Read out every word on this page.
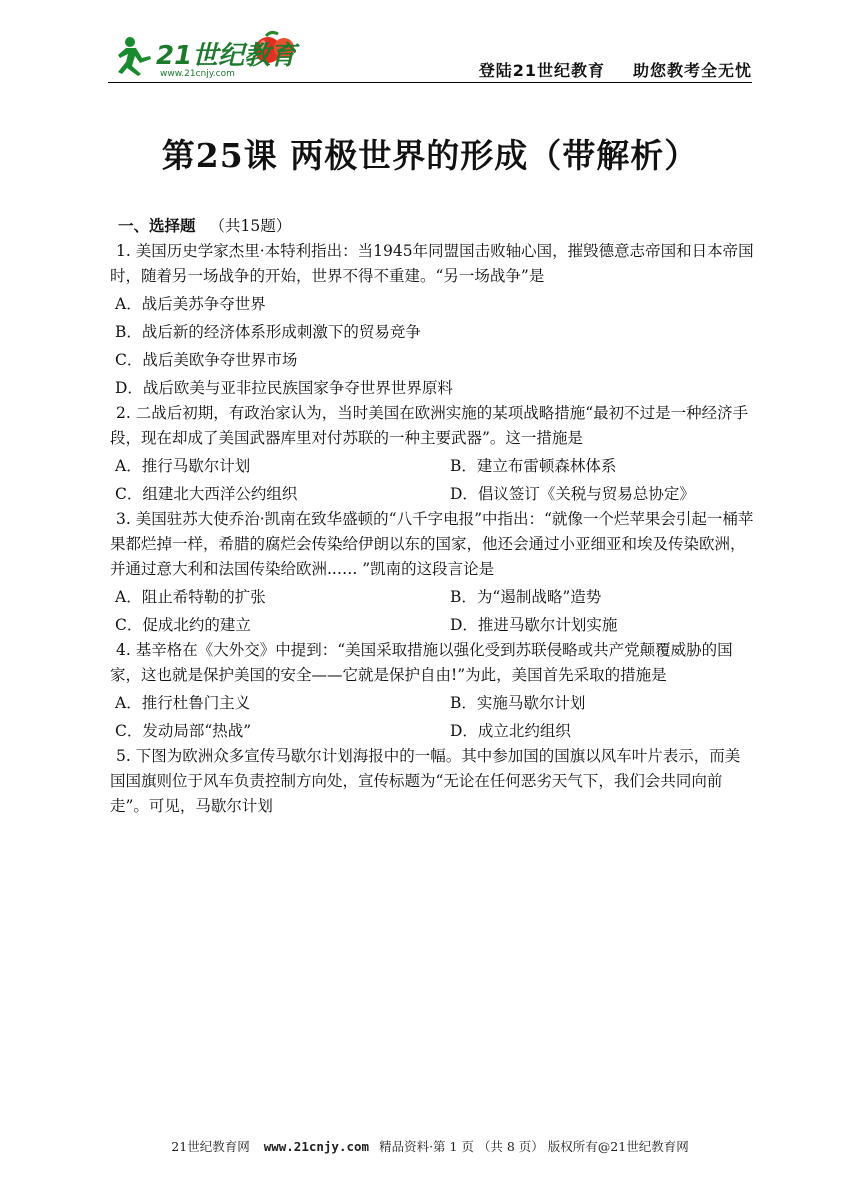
21世纪教育
www.21cnjy.com	登陆21世纪教育 助您教考全无忧
第25课 两极世界的形成（带解析）
一、选择题 （共15题）
1. 美国历史学家杰里·本特利指出：当1945年同盟国击败轴心国，摧毁德意志帝国和日本帝国时，随着另一场战争的开始，世界不得不重建。“另一场战争”是
A．战后美苏争夺世界
B．战后新的经济体系形成刺激下的贸易竞争
C．战后美欧争夺世界市场
D．战后欧美与亚非拉民族国家争夺世界世界原料
2. 二战后初期，有政治家认为，当时美国在欧洲实施的某项战略措施“最初不过是一种经济手段，现在却成了美国武器库里对付苏联的一种主要武器”。这一措施是
A．推行马歇尔计划	B．建立布雷顿森林体系
C．组建北大西洋公约组织	D．倡议签订《关税与贸易总协定》
3. 美国驻苏大使乔治·凯南在致华盛顿的“八千字电报”中指出：“就像一个烂苹果会引起一桶苹果都烂掉一样，希腊的腐烂会传染给伊朗以东的国家，他还会通过小亚细亚和埃及传染欧洲，并通过意大利和法国传染给欧洲..…. ”凯南的这段言论是
A．阻止希特勒的扩张	B．为“遏制战略”造势
C．促成北约的建立	D．推进马歇尔计划实施
4. 基辛格在《大外交》中提到：“美国采取措施以强化受到苏联侵略或共产党颠覆威胁的国家，这也就是保护美国的安全——它就是保护自由!”为此，美国首先采取的措施是
A．推行杜鲁门主义	B．实施马歇尔计划
C．发动局部“热战”	D．成立北约组织
5. 下图为欧洲众多宣传马歇尔计划海报中的一幅。其中参加国的国旗以风车叶片表示，而美国国旗则位于风车负责控制方向处，宣传标题为“无论在任何恶劣天气下，我们会共同向前走”。可见，马歇尔计划
21世纪教育网 www.21cnjy.com 精品资料·第 1 页 （共 8 页） 版权所有@21世纪教育网
